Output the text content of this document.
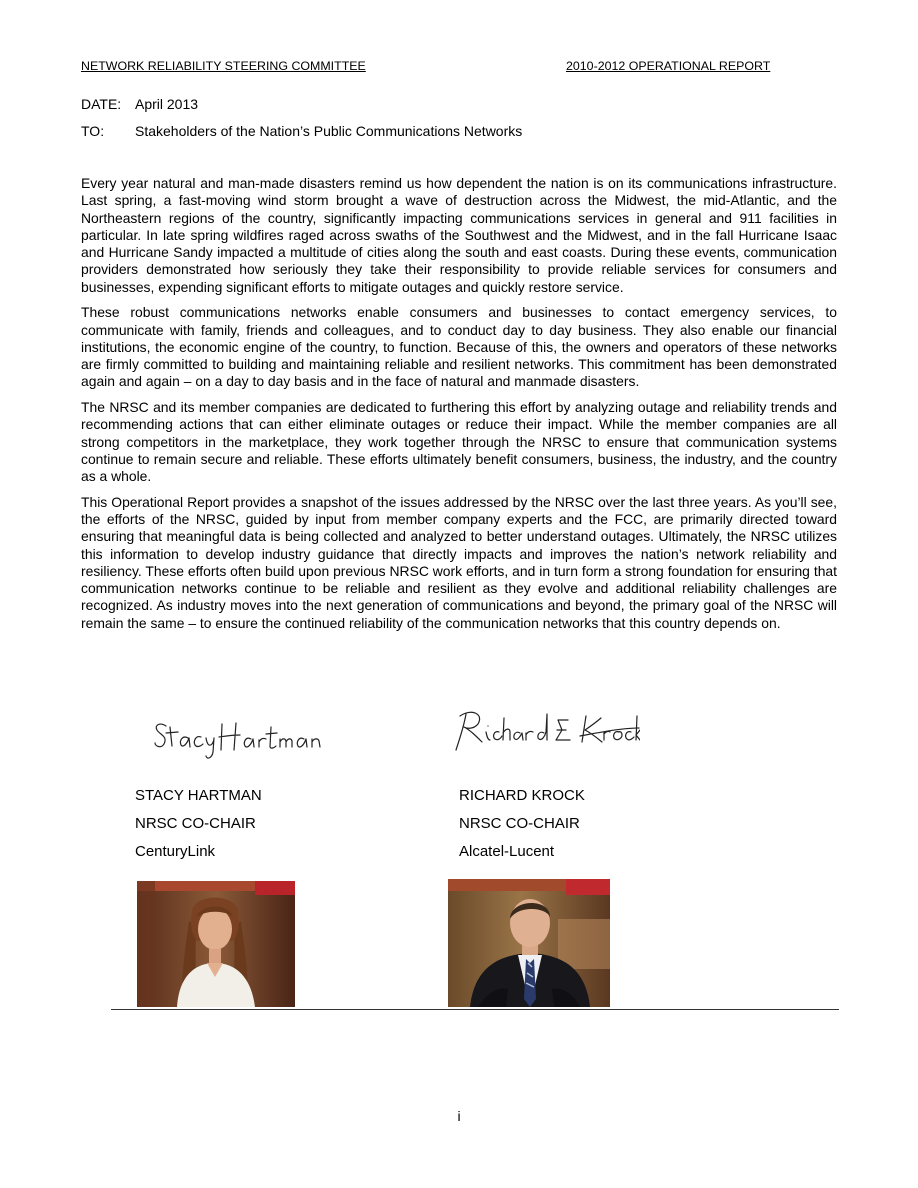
NETWORK RELIABILITY STEERING COMMITTEE	2010-2012 OPERATIONAL REPORT
DATE: April 2013
TO: Stakeholders of the Nation’s Public Communications Networks

Every year natural and man-made disasters remind us how dependent the nation is on its communications infrastructure. Last spring, a fast-moving wind storm brought a wave of destruction across the Midwest, the mid-Atlantic, and the Northeastern regions of the country, significantly impacting communications services in general and 911 facilities in particular. In late spring wildfires raged across swaths of the Southwest and the Midwest, and in the fall Hurricane Isaac and Hurricane Sandy impacted a multitude of cities along the south and east coasts. During these events, communication providers demonstrated how seriously they take their responsibility to provide reliable services for consumers and businesses, expending significant efforts to mitigate outages and quickly restore service.

These robust communications networks enable consumers and businesses to contact emergency services, to communicate with family, friends and colleagues, and to conduct day to day business. They also enable our financial institutions, the economic engine of the country, to function. Because of this, the owners and operators of these networks are firmly committed to building and maintaining reliable and resilient networks. This commitment has been demonstrated again and again – on a day to day basis and in the face of natural and manmade disasters.

The NRSC and its member companies are dedicated to furthering this effort by analyzing outage and reliability trends and recommending actions that can either eliminate outages or reduce their impact. While the member companies are all strong competitors in the marketplace, they work together through the NRSC to ensure that communication systems continue to remain secure and reliable. These efforts ultimately benefit consumers, business, the industry, and the country as a whole.

This Operational Report provides a snapshot of the issues addressed by the NRSC over the last three years. As you’ll see, the efforts of the NRSC, guided by input from member company experts and the FCC, are primarily directed toward ensuring that meaningful data is being collected and analyzed to better understand outages. Ultimately, the NRSC utilizes this information to develop industry guidance that directly impacts and improves the nation’s network reliability and resiliency. These efforts often build upon previous NRSC work efforts, and in turn form a strong foundation for ensuring that communication networks continue to be reliable and resilient as they evolve and additional reliability challenges are recognized. As industry moves into the next generation of communications and beyond, the primary goal of the NRSC will remain the same – to ensure the continued reliability of the communication networks that this country depends on.

STACY HARTMAN
NRSC CO-CHAIR
CenturyLink
RICHARD KROCK
NRSC CO-CHAIR
Alcatel-Lucent
i
